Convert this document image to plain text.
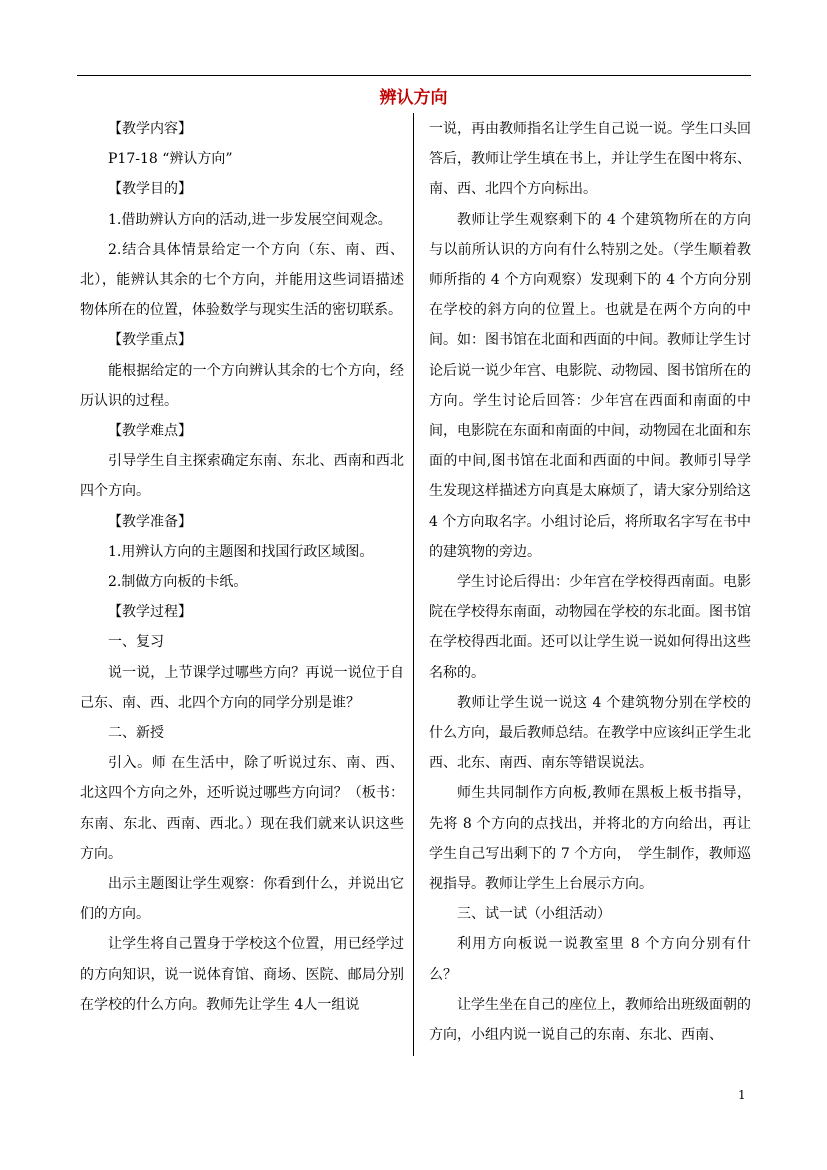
辨认方向

【教学内容】

P17-18 “辨认方向”

【教学目的】

1.借助辨认方向的活动,进一步发展空间观念。

2.结合具体情景给定一个方向（东、南、西、北），能辨认其余的七个方向，并能用这些词语描述物体所在的位置，体验数学与现实生活的密切联系。

【教学重点】

能根据给定的一个方向辨认其余的七个方向，经历认识的过程。

【教学难点】

引导学生自主探索确定东南、东北、西南和西北四个方向。

【教学准备】

1.用辨认方向的主题图和找国行政区域图。

2.制做方向板的卡纸。

【教学过程】

一、复习

说一说，上节课学过哪些方向？再说一说位于自己东、南、西、北四个方向的同学分别是谁？

二、新授

引入。师 在生活中，除了听说过东、南、西、北这四个方向之外，还听说过哪些方向词？（板书：东南、东北、西南、西北。）现在我们就来认识这些方向。

出示主题图让学生观察：你看到什么，并说出它们的方向。

让学生将自己置身于学校这个位置，用已经学过的方向知识，说一说体育馆、商场、医院、邮局分别在学校的什么方向。教师先让学生 4人一组说

一说，再由教师指名让学生自己说一说。学生口头回答后，教师让学生填在书上，并让学生在图中将东、南、西、北四个方向标出。

教师让学生观察剩下的 4 个建筑物所在的方向与以前所认识的方向有什么特别之处。（学生顺着教师所指的 4 个方向观察）发现剩下的 4 个方向分别在学校的斜方向的位置上。也就是在两个方向的中间。如：图书馆在北面和西面的中间。教师让学生讨论后说一说少年宫、电影院、动物园、图书馆所在的方向。学生讨论后回答：少年宫在西面和南面的中间，电影院在东面和南面的中间，动物园在北面和东面的中间,图书馆在北面和西面的中间。教师引导学生发现这样描述方向真是太麻烦了，请大家分别给这 4 个方向取名字。小组讨论后，将所取名字写在书中的建筑物的旁边。

学生讨论后得出：少年宫在学校得西南面。电影院在学校得东南面，动物园在学校的东北面。图书馆在学校得西北面。还可以让学生说一说如何得出这些名称的。

教师让学生说一说这 4 个建筑物分别在学校的什么方向，最后教师总结。在教学中应该纠正学生北西、北东、南西、南东等错误说法。

师生共同制作方向板,教师在黑板上板书指导，先将 8 个方向的点找出，并将北的方向给出，再让学生自己写出剩下的 7 个方向，　学生制作，教师巡视指导。教师让学生上台展示方向。

三、试一试（小组活动）

利用方向板说一说教室里 8 个方向分别有什么？

让学生坐在自己的座位上，教师给出班级面朝的方向，小组内说一说自己的东南、东北、西南、

1
